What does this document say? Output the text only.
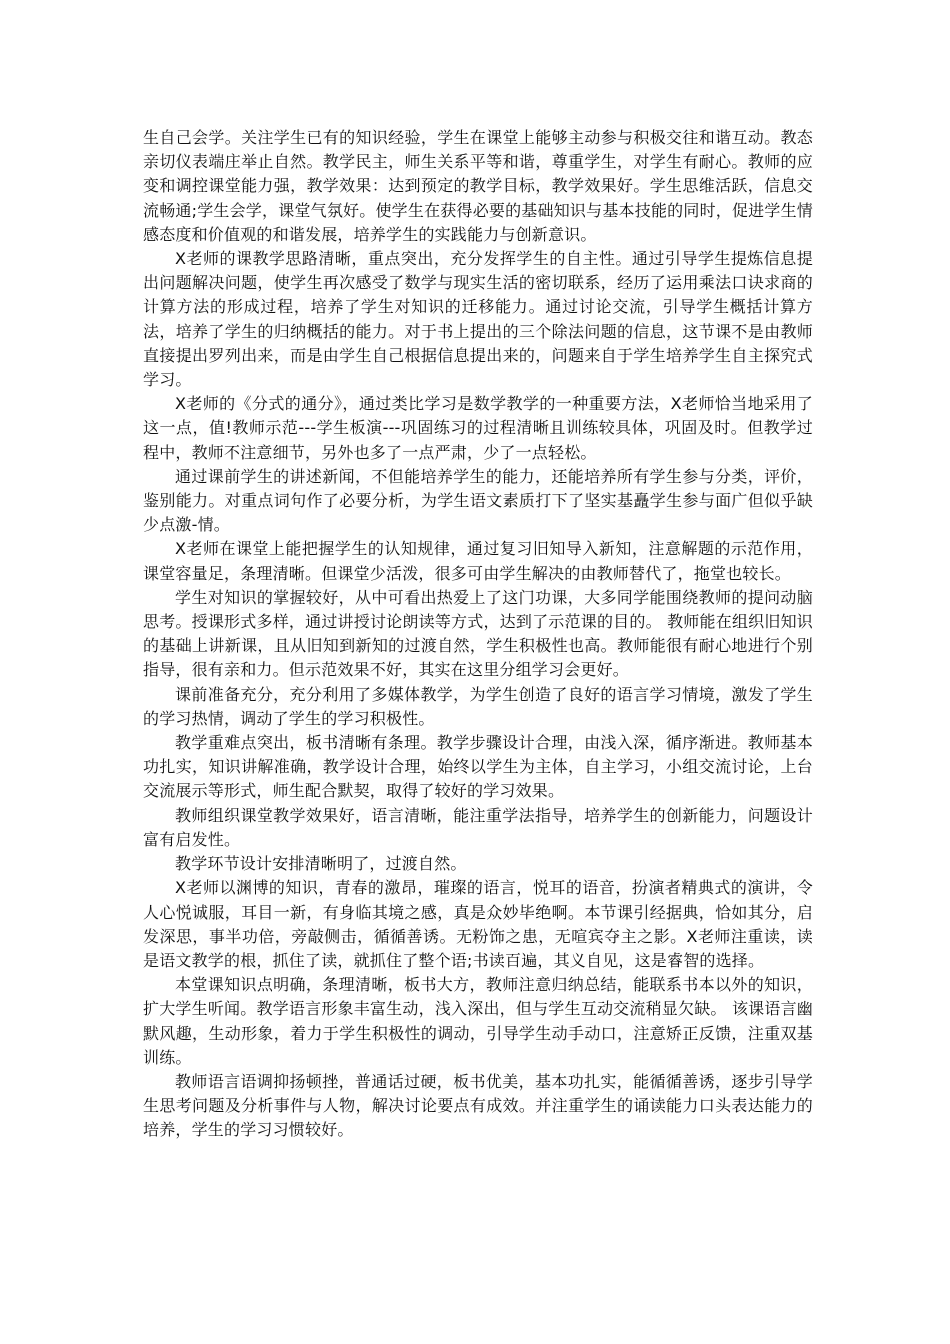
生自己会学。关注学生已有的知识经验，学生在课堂上能够主动参与积极交往和谐互动。教态亲切仪表端庄举止自然。教学民主，师生关系平等和谐，尊重学生，对学生有耐心。教师的应变和调控课堂能力强，教学效果：达到预定的教学目标，教学效果好。学生思维活跃，信息交流畅通;学生会学，课堂气氛好。使学生在获得必要的基础知识与基本技能的同时，促进学生情感态度和价值观的和谐发展，培养学生的实践能力与创新意识。

X老师的课教学思路清晰，重点突出，充分发挥学生的自主性。通过引导学生提炼信息提出问题解决问题，使学生再次感受了数学与现实生活的密切联系，经历了运用乘法口诀求商的计算方法的形成过程，培养了学生对知识的迁移能力。通过讨论交流，引导学生概括计算方法，培养了学生的归纳概括的能力。对于书上提出的三个除法问题的信息，这节课不是由教师直接提出罗列出来，而是由学生自己根据信息提出来的，问题来自于学生培养学生自主探究式学习。

X老师的《分式的通分》，通过类比学习是数学教学的一种重要方法，X老师恰当地采用了这一点，值!教师示范---学生板演---巩固练习的过程清晰且训练较具体，巩固及时。但教学过程中，教师不注意细节，另外也多了一点严肃，少了一点轻松。

通过课前学生的讲述新闻，不但能培养学生的能力，还能培养所有学生参与分类，评价，鉴别能力。对重点词句作了必要分析，为学生语文素质打下了坚实基矗学生参与面广但似乎缺少点激-情。

X老师在课堂上能把握学生的认知规律，通过复习旧知导入新知，注意解题的示范作用，课堂容量足，条理清晰。但课堂少活泼，很多可由学生解决的由教师替代了，拖堂也较长。

学生对知识的掌握较好，从中可看出热爱上了这门功课，大多同学能围绕教师的提问动脑思考。授课形式多样，通过讲授讨论朗读等方式，达到了示范课的目的。 教师能在组织旧知识的基础上讲新课，且从旧知到新知的过渡自然，学生积极性也高。教师能很有耐心地进行个别指导，很有亲和力。但示范效果不好，其实在这里分组学习会更好。

课前准备充分，充分利用了多媒体教学，为学生创造了良好的语言学习情境，激发了学生的学习热情，调动了学生的学习积极性。

教学重难点突出，板书清晰有条理。教学步骤设计合理，由浅入深，循序渐进。教师基本功扎实，知识讲解准确，教学设计合理，始终以学生为主体，自主学习，小组交流讨论，上台交流展示等形式，师生配合默契，取得了较好的学习效果。

教师组织课堂教学效果好，语言清晰，能注重学法指导，培养学生的创新能力，问题设计富有启发性。

教学环节设计安排清晰明了，过渡自然。

X老师以渊博的知识，青春的激昂，璀璨的语言，悦耳的语音，扮演者精典式的演讲，令人心悦诚服，耳目一新，有身临其境之感，真是众妙毕绝啊。本节课引经据典，恰如其分，启发深思，事半功倍，旁敲侧击，循循善诱。无粉饰之患，无喧宾夺主之影。X老师注重读，读是语文教学的根，抓住了读，就抓住了整个语;书读百遍，其义自见，这是睿智的选择。

本堂课知识点明确，条理清晰，板书大方，教师注意归纳总结，能联系书本以外的知识，扩大学生听闻。教学语言形象丰富生动，浅入深出，但与学生互动交流稍显欠缺。 该课语言幽默风趣，生动形象，着力于学生积极性的调动，引导学生动手动口，注意矫正反馈，注重双基训练。

教师语言语调抑扬顿挫，普通话过硬，板书优美，基本功扎实，能循循善诱，逐步引导学生思考问题及分析事件与人物，解决讨论要点有成效。并注重学生的诵读能力口头表达能力的培养，学生的学习习惯较好。
